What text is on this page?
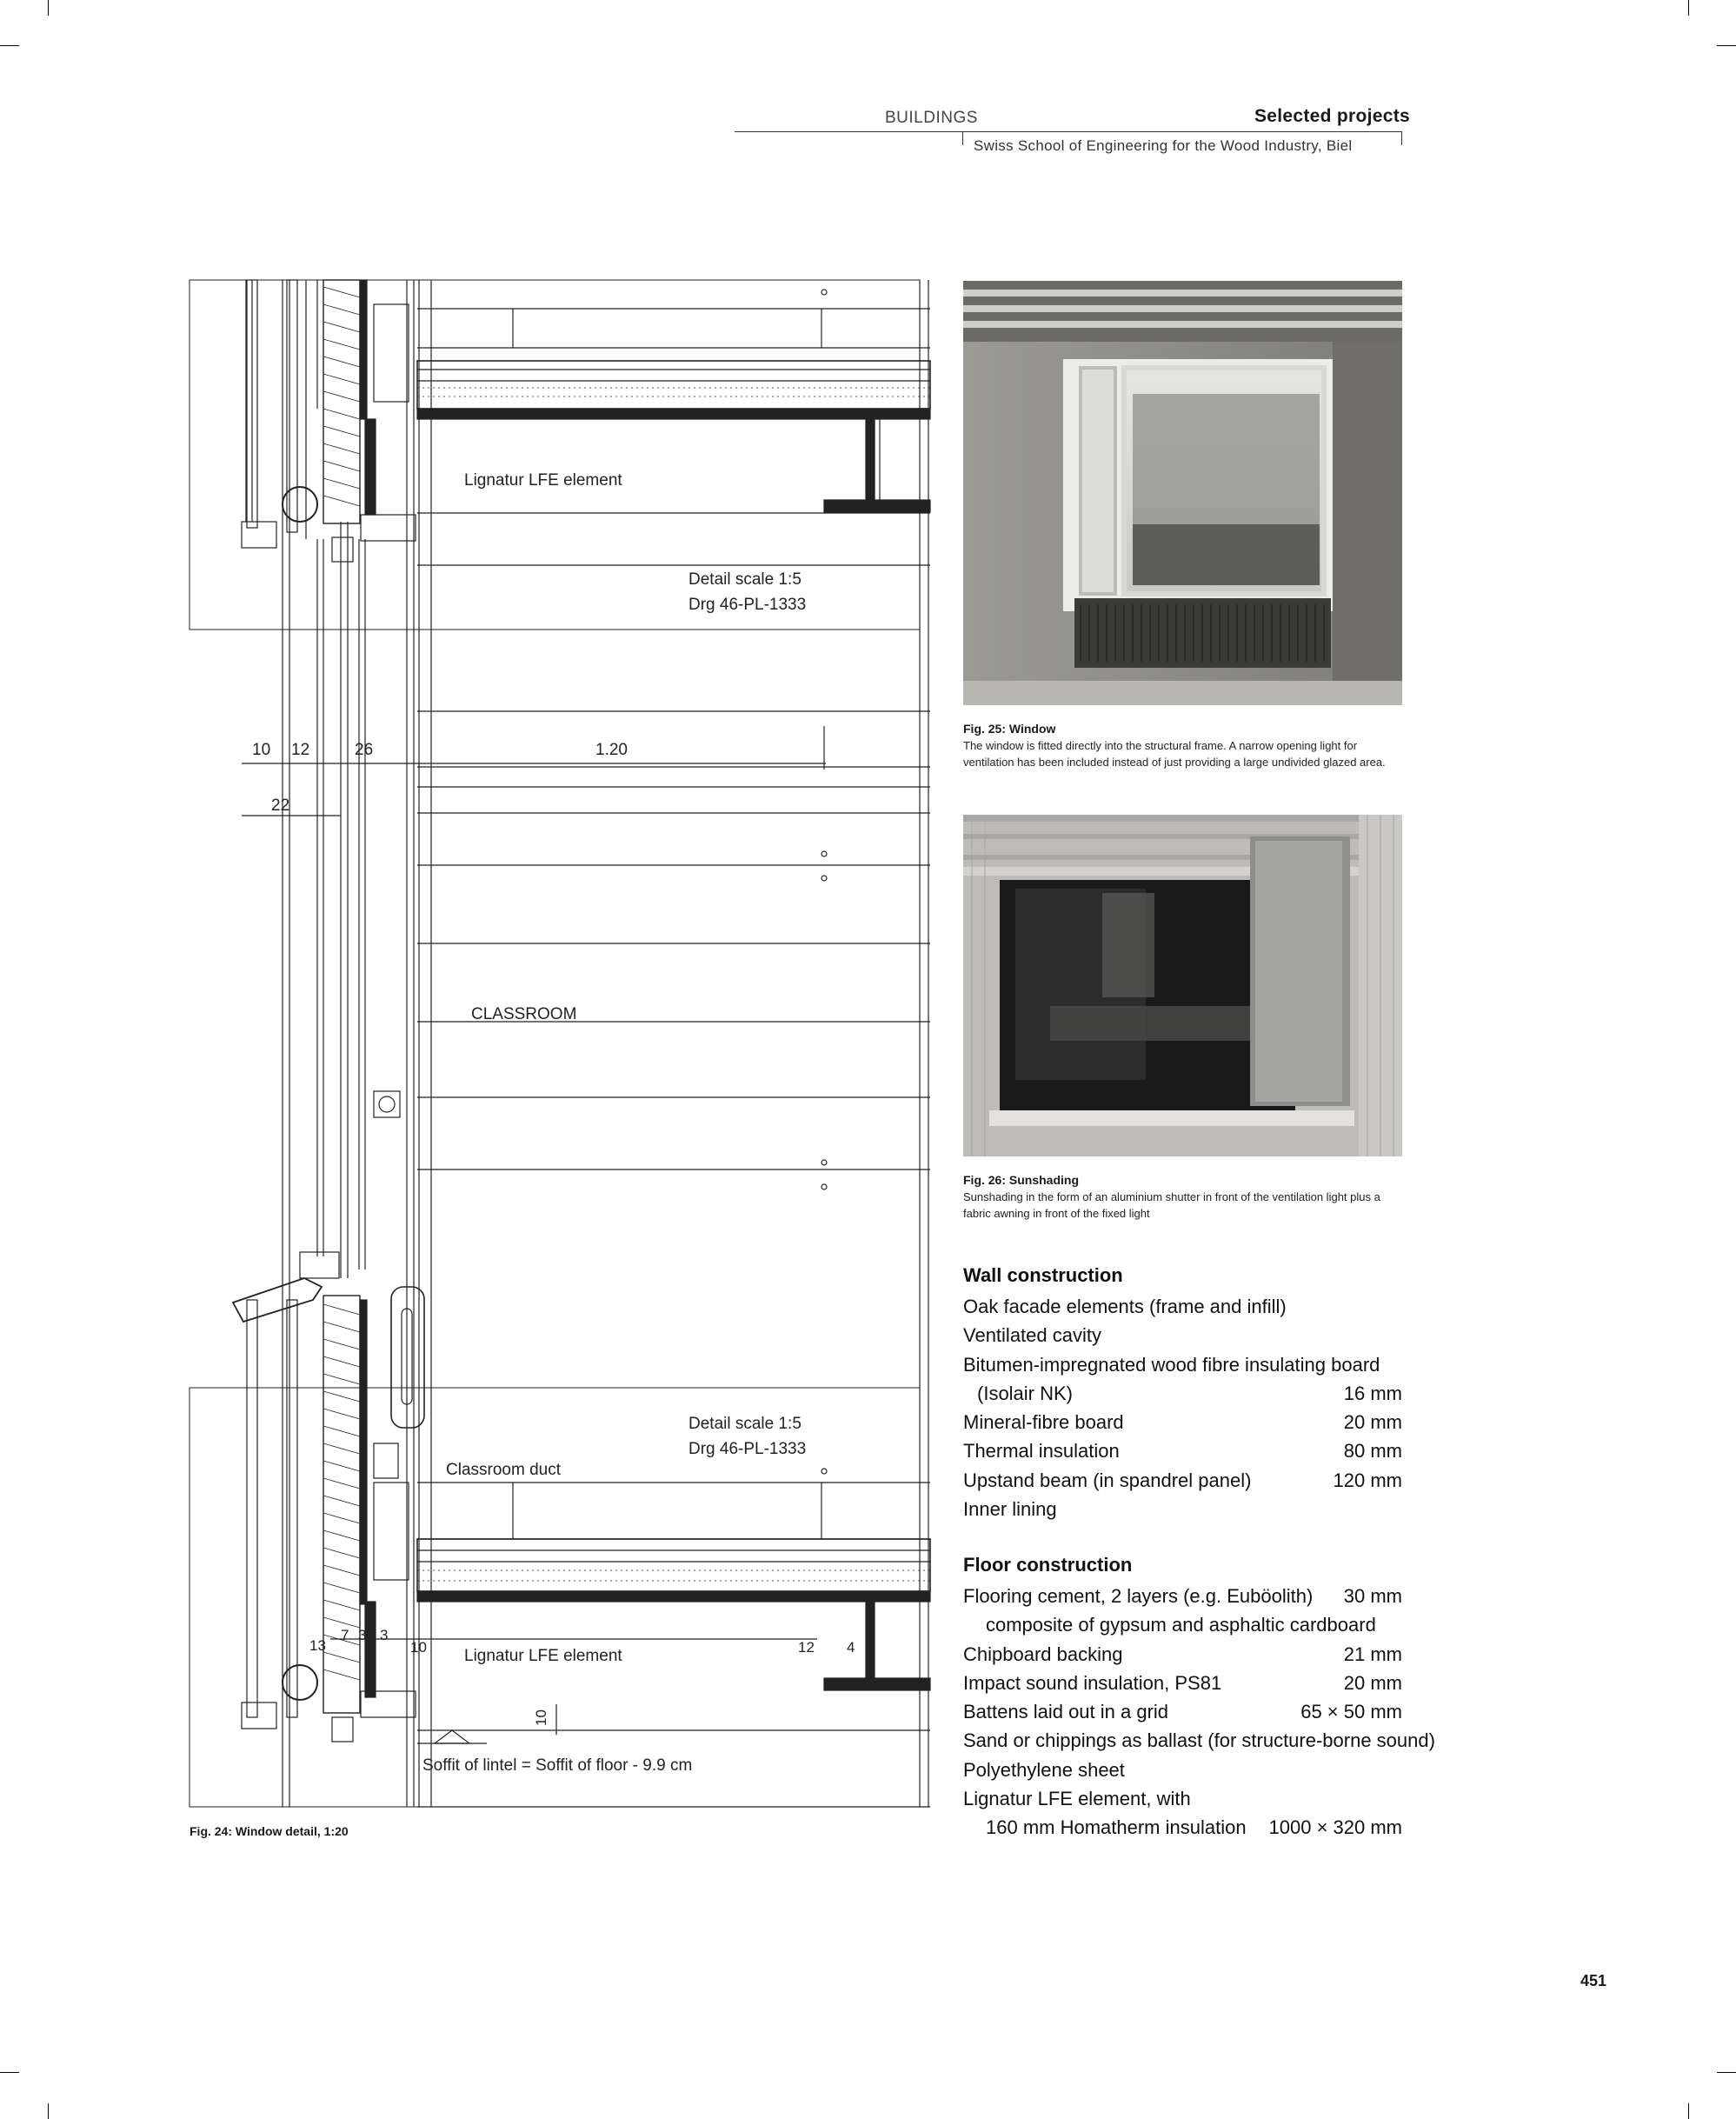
BUILDINGS	Selected projects
Swiss School of Engineering for the Wood Industry, Biel
Lignatur LFE element
Detail scale 1:5
Drg 46-PL-1333
CLASSROOM
Detail scale 1:5
Drg 46-PL-1333
Classroom duct
Lignatur LFE element
Soffit of lintel = Soffit of floor - 9.9 cm
10 12	26	1.20
22
13
7 3 3
10	12 4
10
Fig. 24: Window detail, 1:20
Fig. 25: Window
The window is fitted directly into the structural frame. A narrow opening light for ventilation has been included instead of just providing a large undivided glazed area.
Fig. 26: Sunshading
Sunshading in the form of an aluminium shutter in front of the ventilation light plus a fabric awning in front of the fixed light
Wall construction
Oak facade elements (frame and infill)
Ventilated cavity
Bitumen-impregnated wood fibre insulating board
(Isolair NK)	16 mm
Mineral-fibre board	20 mm
Thermal insulation	80 mm
Upstand beam (in spandrel panel)	120 mm
Inner lining
Floor construction
Flooring cement, 2 layers (e.g. Euböolith) 30 mm
composite of gypsum and asphaltic cardboard
Chipboard backing	21 mm
Impact sound insulation, PS81	20 mm
Battens laid out in a grid	65 × 50 mm
Sand or chippings as ballast (for structure-borne sound)
Polyethylene sheet
Lignatur LFE element, with
160 mm Homatherm insulation 1000 × 320 mm
451
